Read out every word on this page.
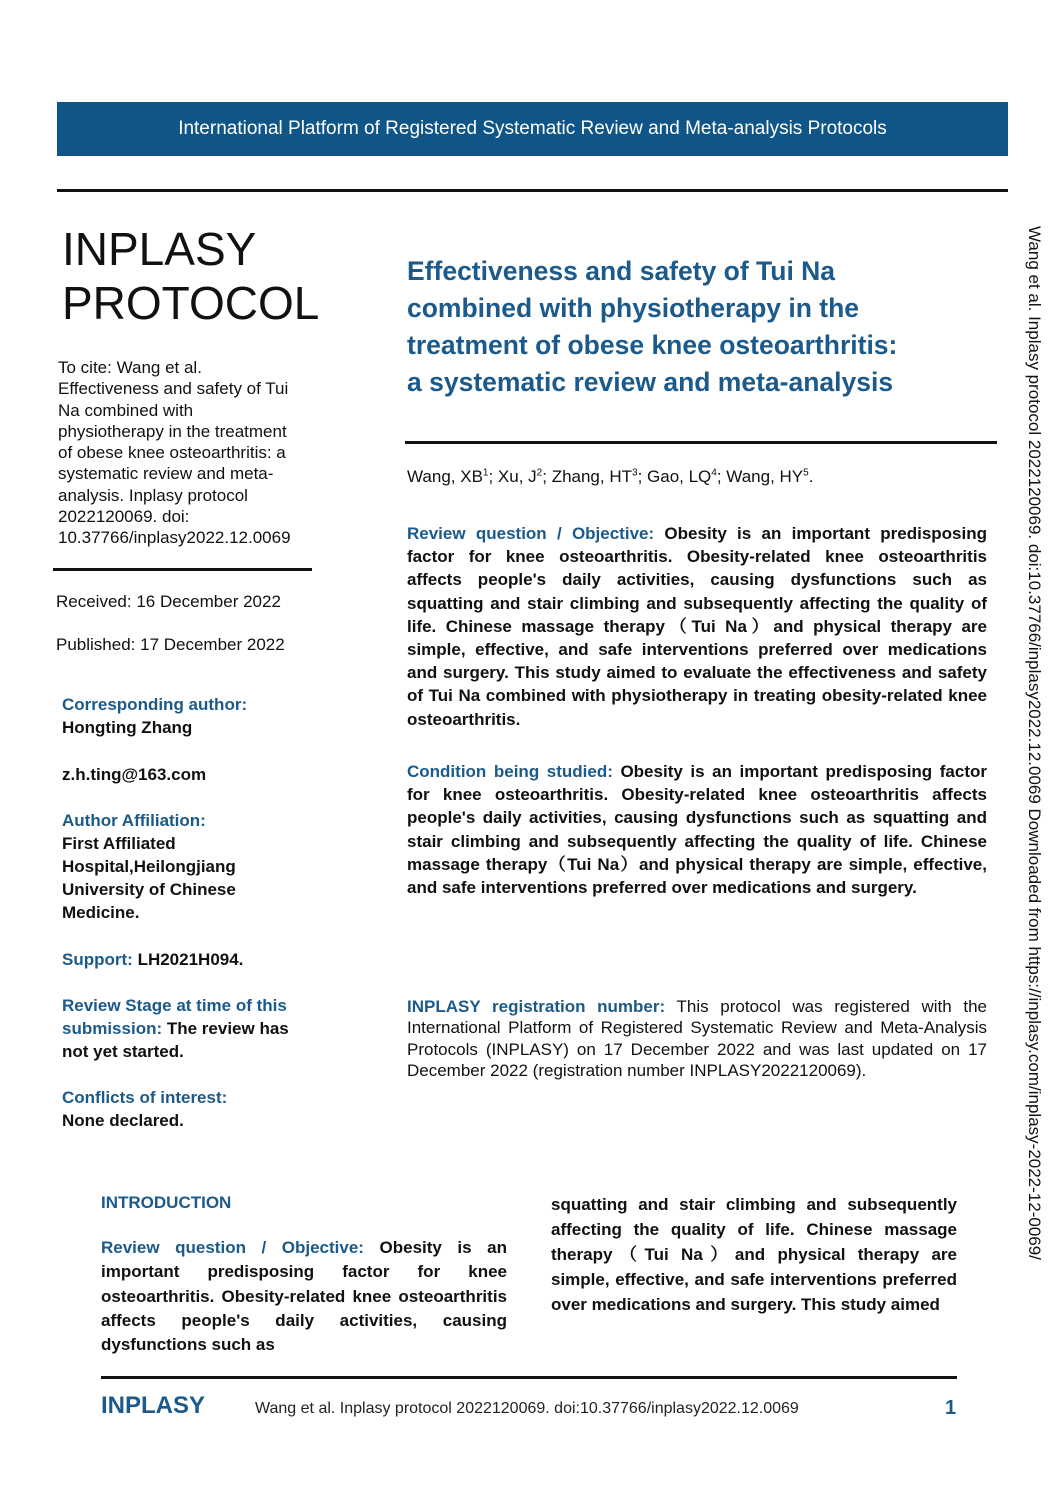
International Platform of Registered Systematic Review and Meta-analysis Protocols
INPLASY
PROTOCOL
To cite: Wang et al.
Effectiveness and safety of Tui
Na combined with
physiotherapy in the treatment
of obese knee osteoarthritis: a
systematic review and meta-
analysis. Inplasy protocol
2022120069. doi:
10.37766/inplasy2022.12.0069
Received: 16 December 2022
Published: 17 December 2022
Corresponding author:
Hongting Zhang
z.h.ting@163.com
Author Affiliation:
First Affiliated
Hospital,Heilongjiang
University of Chinese
Medicine.
Support: LH2021H094.
Review Stage at time of this
submission: The review has
not yet started.
Conflicts of interest:
None declared.
Effectiveness and safety of Tui Na
combined with physiotherapy in the
treatment of obese knee osteoarthritis:
a systematic review and meta-analysis
Wang, $XB^1$; Xu, $J^2$; Zhang, $HT^3$; Gao, $LQ^4$; Wang, $HY^5$.
Review question / Objective: Obesity is an important predisposing factor for knee osteoarthritis. Obesity-related knee osteoarthritis affects people's daily activities, causing dysfunctions such as squatting and stair climbing and subsequently affecting the quality of life. Chinese massage therapy（Tui Na）and physical therapy are simple, effective, and safe interventions preferred over medications and surgery. This study aimed to evaluate the effectiveness and safety of Tui Na combined with physiotherapy in treating obesity-related knee osteoarthritis.
Condition being studied: Obesity is an important predisposing factor for knee osteoarthritis. Obesity-related knee osteoarthritis affects people's daily activities, causing dysfunctions such as squatting and stair climbing and subsequently affecting the quality of life. Chinese massage therapy（Tui Na）and physical therapy are simple, effective, and safe interventions preferred over medications and surgery.
INPLASY registration number: This protocol was registered with the International Platform of Registered Systematic Review and Meta-Analysis Protocols (INPLASY) on 17 December 2022 and was last updated on 17 December 2022 (registration number INPLASY2022120069).
INTRODUCTION
Review question / Objective: Obesity is an important predisposing factor for knee osteoarthritis. Obesity-related knee osteoarthritis affects people's daily activities, causing dysfunctions such as
squatting and stair climbing and subsequently affecting the quality of life. Chinese massage therapy（Tui Na）and physical therapy are simple, effective, and safe interventions preferred over medications and surgery. This study aimed
Wang et al. Inplasy protocol 2022120069. doi:10.37766/inplasy2022.12.0069 Downloaded from https://inplasy.com/inplasy-2022-12-0069/
INPLASY	Wang et al. Inplasy protocol 2022120069. doi:10.37766/inplasy2022.12.0069	1
